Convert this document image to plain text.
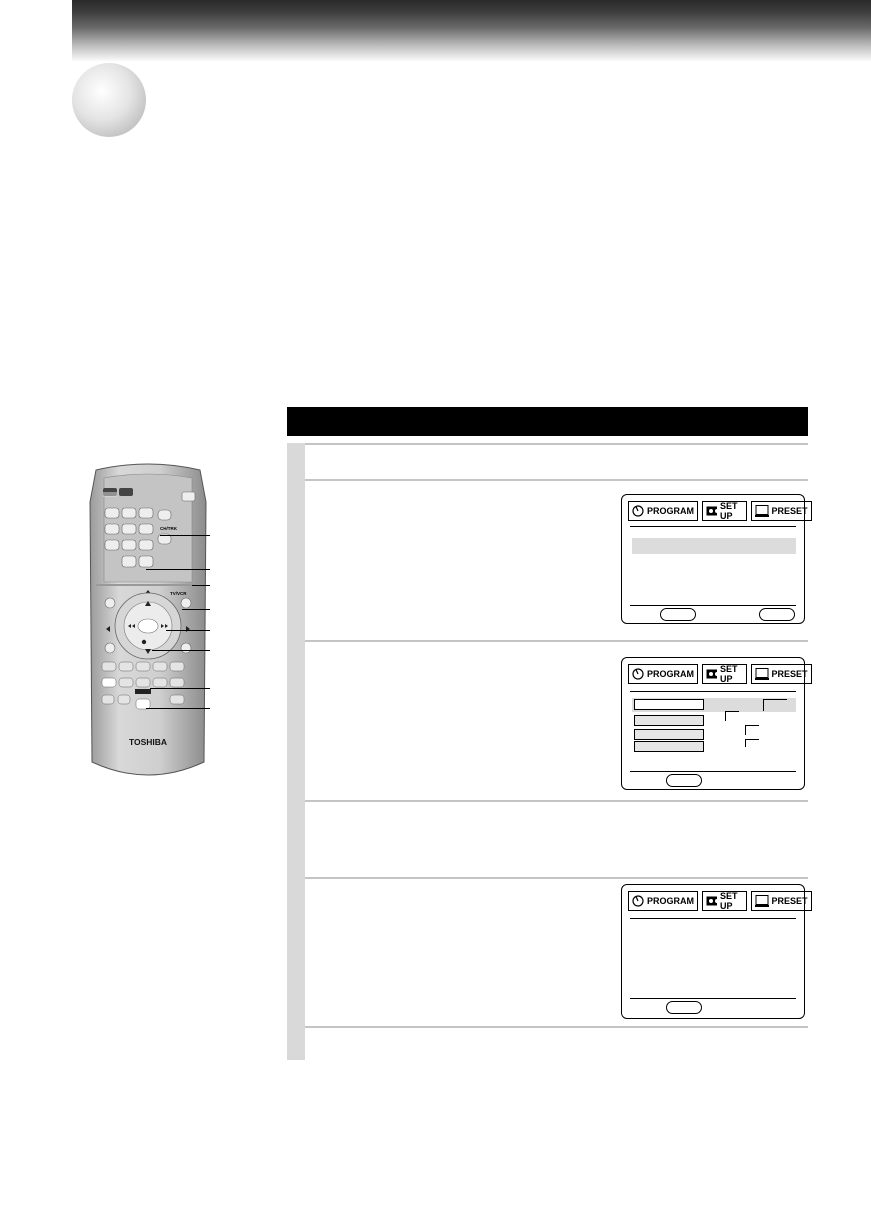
PROGRAM	SET UP	PRESET
PROGRAM	SET UP	PRESET
PROGRAM	SET UP	PRESET
CH/TRK
TV/VCR
TOSHIBA
